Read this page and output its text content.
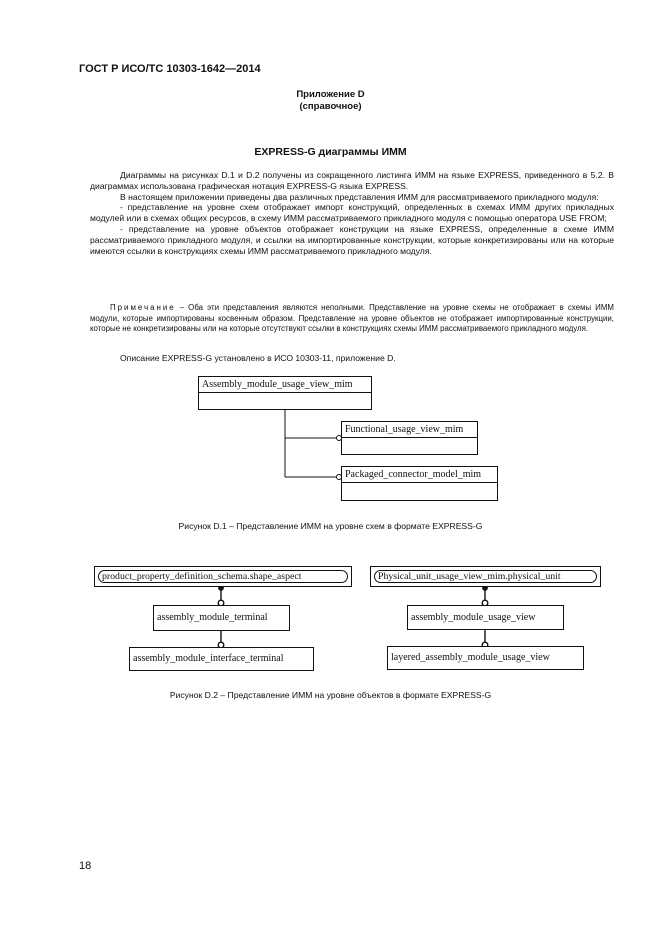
ГОСТ Р ИСО/ТС 10303-1642—2014
Приложение D
(справочное)
EXPRESS-G диаграммы ИММ

Диаграммы на рисунках D.1 и D.2 получены из сокращенного листинга ИММ на языке EXPRESS, приведенного в 5.2. В диаграммах использована графическая нотация EXPRESS-G языка EXPRESS.

В настоящем приложении приведены два различных представления ИММ для рассматриваемого прикладного модуля:

- представление на уровне схем отображает импорт конструкций, определенных в схемах ИММ других прикладных модулей или в схемах общих ресурсов, в схему ИММ рассматриваемого прикладного модуля с помощью оператора USE FROM;

- представление на уровне объектов отображает конструкции на языке EXPRESS, определенные в схеме ИММ рассматриваемого прикладного модуля, и ссылки на импортированные конструкции, которые конкретизированы или на которые имеются ссылки в конструкциях схемы ИММ рассматриваемого прикладного модуля.

Примечание – Оба эти представления являются неполными. Представление на уровне схемы не отображает в схемы ИММ модули, которые импортированы косвенным образом. Представление на уровне объектов не отображает импортированные конструкции, которые не конкретизированы или на которые отсутствуют ссылки в конструкциях схемы ИММ рассматриваемого прикладного модуля.
Описание EXPRESS-G установлено в ИСО 10303-11, приложение D.
Assembly_module_usage_view_mim
Functional_usage_view_mim
Packaged_connector_model_mim
Рисунок D.1 – Представление ИММ на уровне схем в формате EXPRESS-G
product_property_definition_schema.shape_aspect
assembly_module_terminal
assembly_module_interface_terminal
Physical_unit_usage_view_mim.physical_unit
assembly_module_usage_view
layered_assembly_module_usage_view
Рисунок D.2 – Представление ИММ на уровне объектов в формате EXPRESS-G
18
